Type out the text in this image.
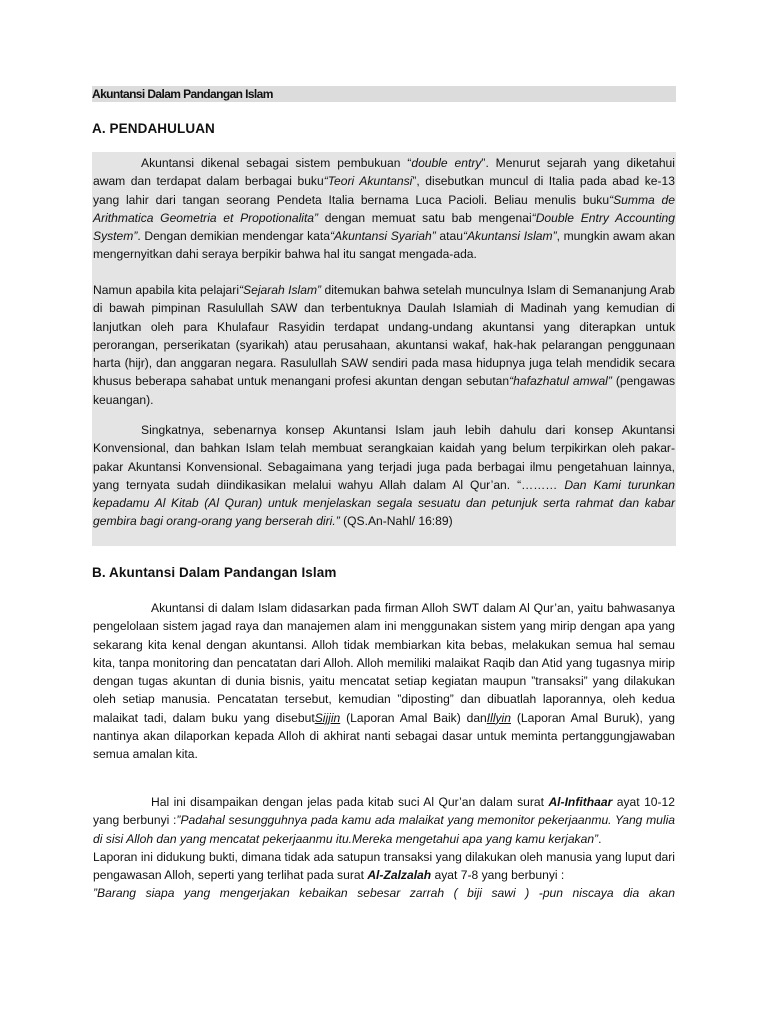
Akuntansi Dalam Pandangan Islam
A. PENDAHULUAN

Akuntansi dikenal sebagai sistem pembukuan “double entry”. Menurut sejarah yang diketahui awam dan terdapat dalam berbagai buku“Teori Akuntansi”, disebutkan muncul di Italia pada abad ke-13 yang lahir dari tangan seorang Pendeta Italia bernama Luca Pacioli. Beliau menulis buku“Summa de Arithmatica Geometria et Propotionalita” dengan memuat satu bab mengenai“Double Entry Accounting System”. Dengan demikian mendengar kata“Akuntansi Syariah” atau“Akuntansi Islam”, mungkin awam akan mengernyitkan dahi seraya berpikir bahwa hal itu sangat mengada-ada.

Namun apabila kita pelajari“Sejarah Islam” ditemukan bahwa setelah munculnya Islam di Semananjung Arab di bawah pimpinan Rasulullah SAW dan terbentuknya Daulah Islamiah di Madinah yang kemudian di lanjutkan oleh para Khulafaur Rasyidin terdapat undang-undang akuntansi yang diterapkan untuk perorangan, perserikatan (syarikah) atau perusahaan, akuntansi wakaf, hak-hak pelarangan penggunaan harta (hijr), dan anggaran negara. Rasulullah SAW sendiri pada masa hidupnya juga telah mendidik secara khusus beberapa sahabat untuk menangani profesi akuntan dengan sebutan“hafazhatul amwal” (pengawas keuangan).

Singkatnya, sebenarnya konsep Akuntansi Islam jauh lebih dahulu dari konsep Akuntansi Konvensional, dan bahkan Islam telah membuat serangkaian kaidah yang belum terpikirkan oleh pakar-pakar Akuntansi Konvensional. Sebagaimana yang terjadi juga pada berbagai ilmu pengetahuan lainnya, yang ternyata sudah diindikasikan melalui wahyu Allah dalam Al Qur’an. “……… Dan Kami turunkan kepadamu Al Kitab (Al Quran) untuk menjelaskan segala sesuatu dan petunjuk serta rahmat dan kabar gembira bagi orang-orang yang berserah diri.” (QS.An-Nahl/ 16:89)

B. Akuntansi Dalam Pandangan Islam

Akuntansi di dalam Islam didasarkan pada firman Alloh SWT dalam Al Qur’an, yaitu bahwasanya pengelolaan sistem jagad raya dan manajemen alam ini menggunakan sistem yang mirip dengan apa yang sekarang kita kenal dengan akuntansi. Alloh tidak membiarkan kita bebas, melakukan semua hal semau kita, tanpa monitoring dan pencatatan dari Alloh. Alloh memiliki malaikat Raqib dan Atid yang tugasnya mirip dengan tugas akuntan di dunia bisnis, yaitu mencatat setiap kegiatan maupun ”transaksi” yang dilakukan oleh setiap manusia. Pencatatan tersebut, kemudian ”diposting” dan dibuatlah laporannya, oleh kedua malaikat tadi, dalam buku yang disebutSijjin (Laporan Amal Baik) danIllyin (Laporan Amal Buruk), yang nantinya akan dilaporkan kepada Alloh di akhirat nanti sebagai dasar untuk meminta pertanggungjawaban semua amalan kita.

Hal ini disampaikan dengan jelas pada kitab suci Al Qur’an dalam surat Al-Infithaar ayat 10-12 yang berbunyi :”Padahal sesungguhnya pada kamu ada malaikat yang memonitor pekerjaanmu. Yang mulia di sisi Alloh dan yang mencatat pekerjaanmu itu.Mereka mengetahui apa yang kamu kerjakan”.

Laporan ini didukung bukti, dimana tidak ada satupun transaksi yang dilakukan oleh manusia yang luput dari pengawasan Alloh, seperti yang terlihat pada surat Al-Zalzalah ayat 7-8 yang berbunyi :

”Barang siapa yang mengerjakan kebaikan sebesar zarrah ( biji sawi ) -pun niscaya dia akan
